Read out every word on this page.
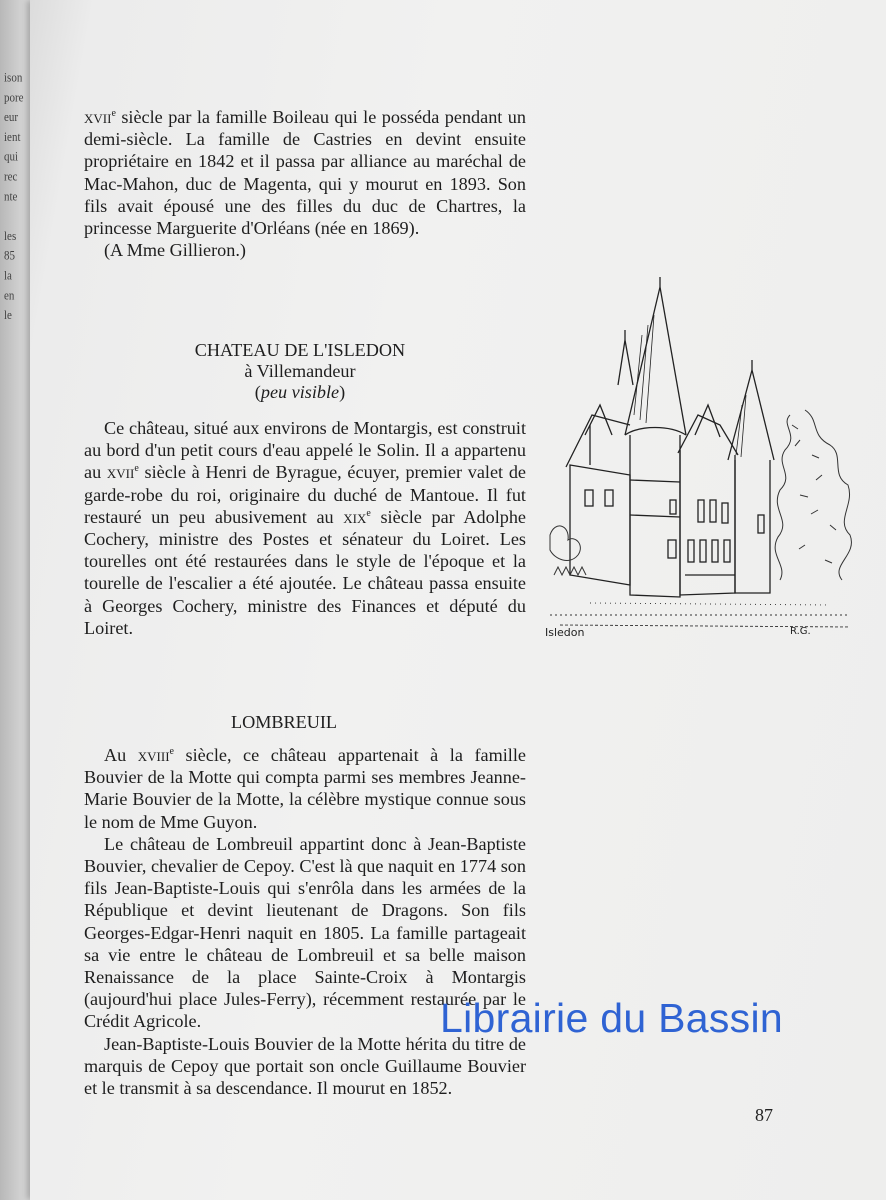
ison
pore
eur
ient
qui
rec
nte

les
85
la
en
le

xvii$^e$ siècle par la famille Boileau qui le posséda pendant un demi-siècle. La famille de Castries en devint ensuite propriétaire en 1842 et il passa par alliance au maréchal de Mac-Mahon, duc de Magenta, qui y mourut en 1893. Son fils avait épousé une des filles du duc de Chartres, la princesse Marguerite d'Orléans (née en 1869).

(A Mme Gillieron.)

CHATEAU DE L'ISLEDON
à Villemandeur
(peu visible)

Ce château, situé aux environs de Montargis, est construit au bord d'un petit cours d'eau appelé le Solin. Il a appartenu au xvii$^e$ siècle à Henri de Byrague, écuyer, premier valet de garde-robe du roi, originaire du duché de Mantoue. Il fut restauré un peu abusivement au xix$^e$ siècle par Adolphe Cochery, ministre des Postes et sénateur du Loiret. Les tourelles ont été restaurées dans le style de l'époque et la tourelle de l'escalier a été ajoutée. Le château passa ensuite à Georges Cochery, ministre des Finances et député du Loiret.	Isledon	R.G.
LOMBREUIL

Au xviii$^e$ siècle, ce château appartenait à la famille Bouvier de la Motte qui compta parmi ses membres Jeanne-Marie Bouvier de la Motte, la célèbre mystique connue sous le nom de Mme Guyon.

Le château de Lombreuil appartint donc à Jean-Baptiste Bouvier, chevalier de Cepoy. C'est là que naquit en 1774 son fils Jean-Baptiste-Louis qui s'enrôla dans les armées de la République et devint lieutenant de Dragons. Son fils Georges-Edgar-Henri naquit en 1805. La famille partageait sa vie entre le château de Lombreuil et sa belle maison Renaissance de la place Sainte-Croix à Montargis (aujourd'hui place Jules-Ferry), récemment restaurée par le Crédit Agricole.

Jean-Baptiste-Louis Bouvier de la Motte hérita du titre de marquis de Cepoy que portait son oncle Guillaume Bouvier et le transmit à sa descendance. Il mourut en 1852.

87
Librairie du Bassin
